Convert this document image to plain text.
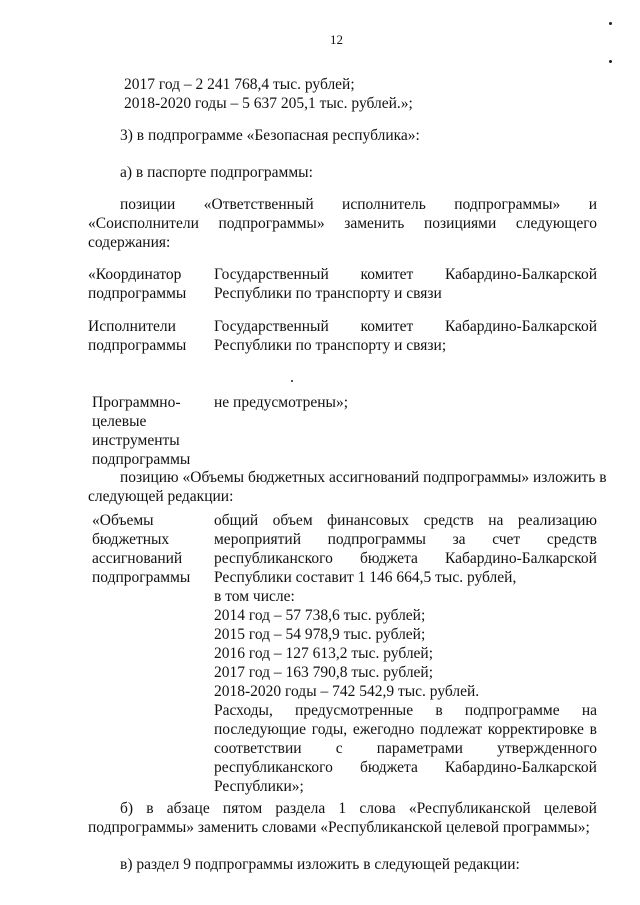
12
2017 год – 2 241 768,4 тыс. рублей;
2018-2020 годы – 5 637 205,1 тыс. рублей.»;
3) в подпрограмме «Безопасная республика»:
а) в паспорте подпрограммы:
позиции «Ответственный исполнитель подпрограммы» и
«Соисполнители подпрограммы» заменить позициями следующего
содержания:
«Координатор
подпрограммы
Государственный комитет Кабардино-Балкарской
Республики по транспорту и связи
Исполнители
подпрограммы
Государственный комитет Кабардино-Балкарской
Республики по транспорту и связи;
Программно-
целевые
инструменты
подпрограммы
не предусмотрены»;
позицию «Объемы бюджетных ассигнований подпрограммы» изложить в
следующей редакции:
«Объемы
бюджетных
ассигнований
подпрограммы
общий объем финансовых средств на реализацию
мероприятий подпрограммы за счет средств
республиканского бюджета Кабардино-Балкарской
Республики составит 1 146 664,5 тыс. рублей,
в том числе:
2014 год – 57 738,6 тыс. рублей;
2015 год – 54 978,9 тыс. рублей;
2016 год – 127 613,2 тыс. рублей;
2017 год – 163 790,8 тыс. рублей;
2018-2020 годы – 742 542,9 тыс. рублей.
Расходы, предусмотренные в подпрограмме на
последующие годы, ежегодно подлежат корректировке в
соответствии с параметрами утвержденного
республиканского бюджета Кабардино-Балкарской
Республики»;
б) в абзаце пятом раздела 1 слова «Республиканской целевой
подпрограммы» заменить словами «Республиканской целевой программы»;
в) раздел 9 подпрограммы изложить в следующей редакции:
